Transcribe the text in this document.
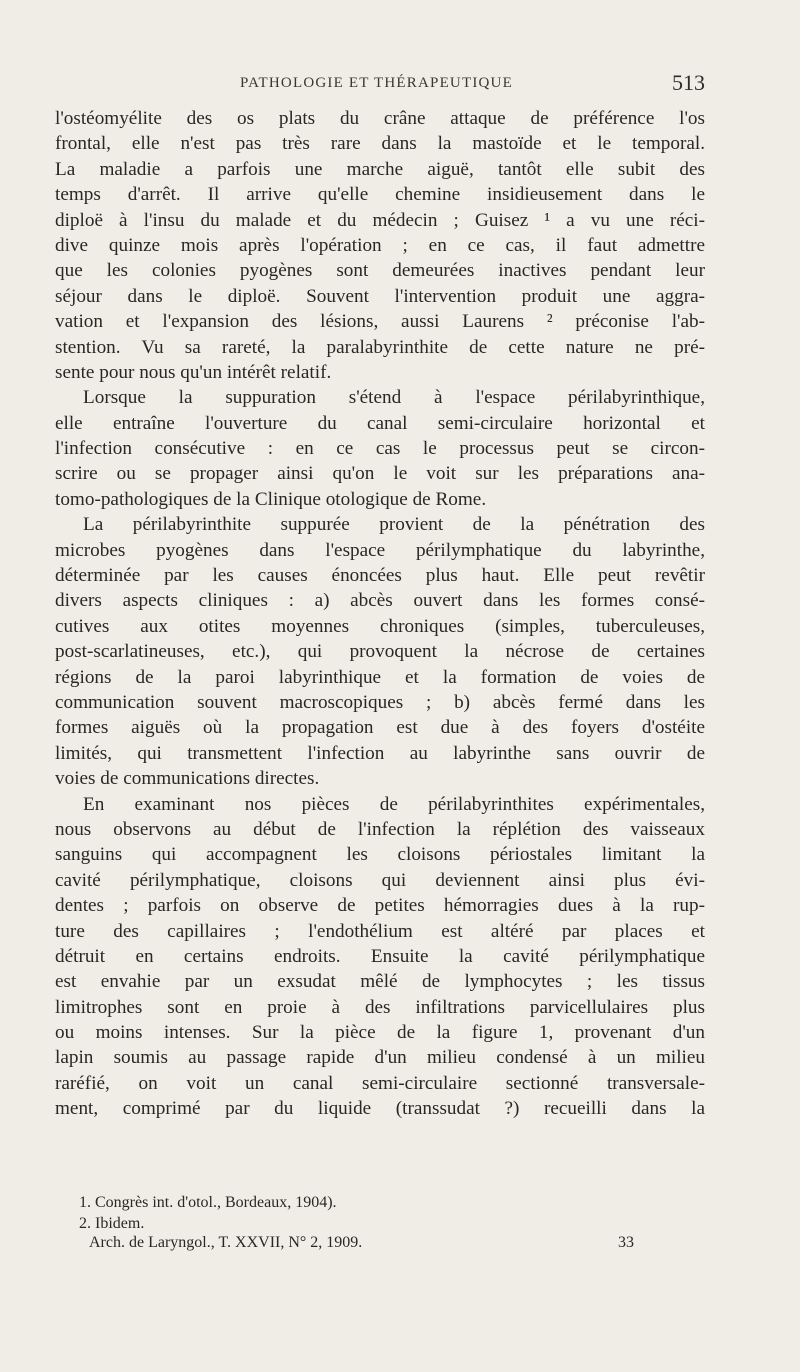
PATHOLOGIE ET THÉRAPEUTIQUE	513
l'ostéomyélite des os plats du crâne attaque de préférence l'os
frontal, elle n'est pas très rare dans la mastoïde et le temporal.
La maladie a parfois une marche aiguë, tantôt elle subit des
temps d'arrêt. Il arrive qu'elle chemine insidieusement dans le
diploë à l'insu du malade et du médecin ; Guisez ¹ a vu une réci-
dive quinze mois après l'opération ; en ce cas, il faut admettre
que les colonies pyogènes sont demeurées inactives pendant leur
séjour dans le diploë. Souvent l'intervention produit une aggra-
vation et l'expansion des lésions, aussi Laurens ² préconise l'ab-
stention. Vu sa rareté, la paralabyrinthite de cette nature ne pré-
sente pour nous qu'un intérêt relatif.
Lorsque la suppuration s'étend à l'espace périlabyrinthique,
elle entraîne l'ouverture du canal semi-circulaire horizontal et
l'infection consécutive : en ce cas le processus peut se circon-
scrire ou se propager ainsi qu'on le voit sur les préparations ana-
tomo-pathologiques de la Clinique otologique de Rome.
La périlabyrinthite suppurée provient de la pénétration des
microbes pyogènes dans l'espace périlymphatique du labyrinthe,
déterminée par les causes énoncées plus haut. Elle peut revêtir
divers aspects cliniques : a) abcès ouvert dans les formes consé-
cutives aux otites moyennes chroniques (simples, tuberculeuses,
post-scarlatineuses, etc.), qui provoquent la nécrose de certaines
régions de la paroi labyrinthique et la formation de voies de
communication souvent macroscopiques ; b) abcès fermé dans les
formes aiguës où la propagation est due à des foyers d'ostéite
limités, qui transmettent l'infection au labyrinthe sans ouvrir de
voies de communications directes.
En examinant nos pièces de périlabyrinthites expérimentales,
nous observons au début de l'infection la réplétion des vaisseaux
sanguins qui accompagnent les cloisons périostales limitant la
cavité périlymphatique, cloisons qui deviennent ainsi plus évi-
dentes ; parfois on observe de petites hémorragies dues à la rup-
ture des capillaires ; l'endothélium est altéré par places et
détruit en certains endroits. Ensuite la cavité périlymphatique
est envahie par un exsudat mêlé de lymphocytes ; les tissus
limitrophes sont en proie à des infiltrations parvicellulaires plus
ou moins intenses. Sur la pièce de la figure 1, provenant d'un
lapin soumis au passage rapide d'un milieu condensé à un milieu
raréfié, on voit un canal semi-circulaire sectionné transversale-
ment, comprimé par du liquide (transsudat ?) recueilli dans la
1. Congrès int. d'otol., Bordeaux, 1904).
2. Ibidem.
Arch. de Laryngol., T. XXVII, N° 2, 1909.	33
